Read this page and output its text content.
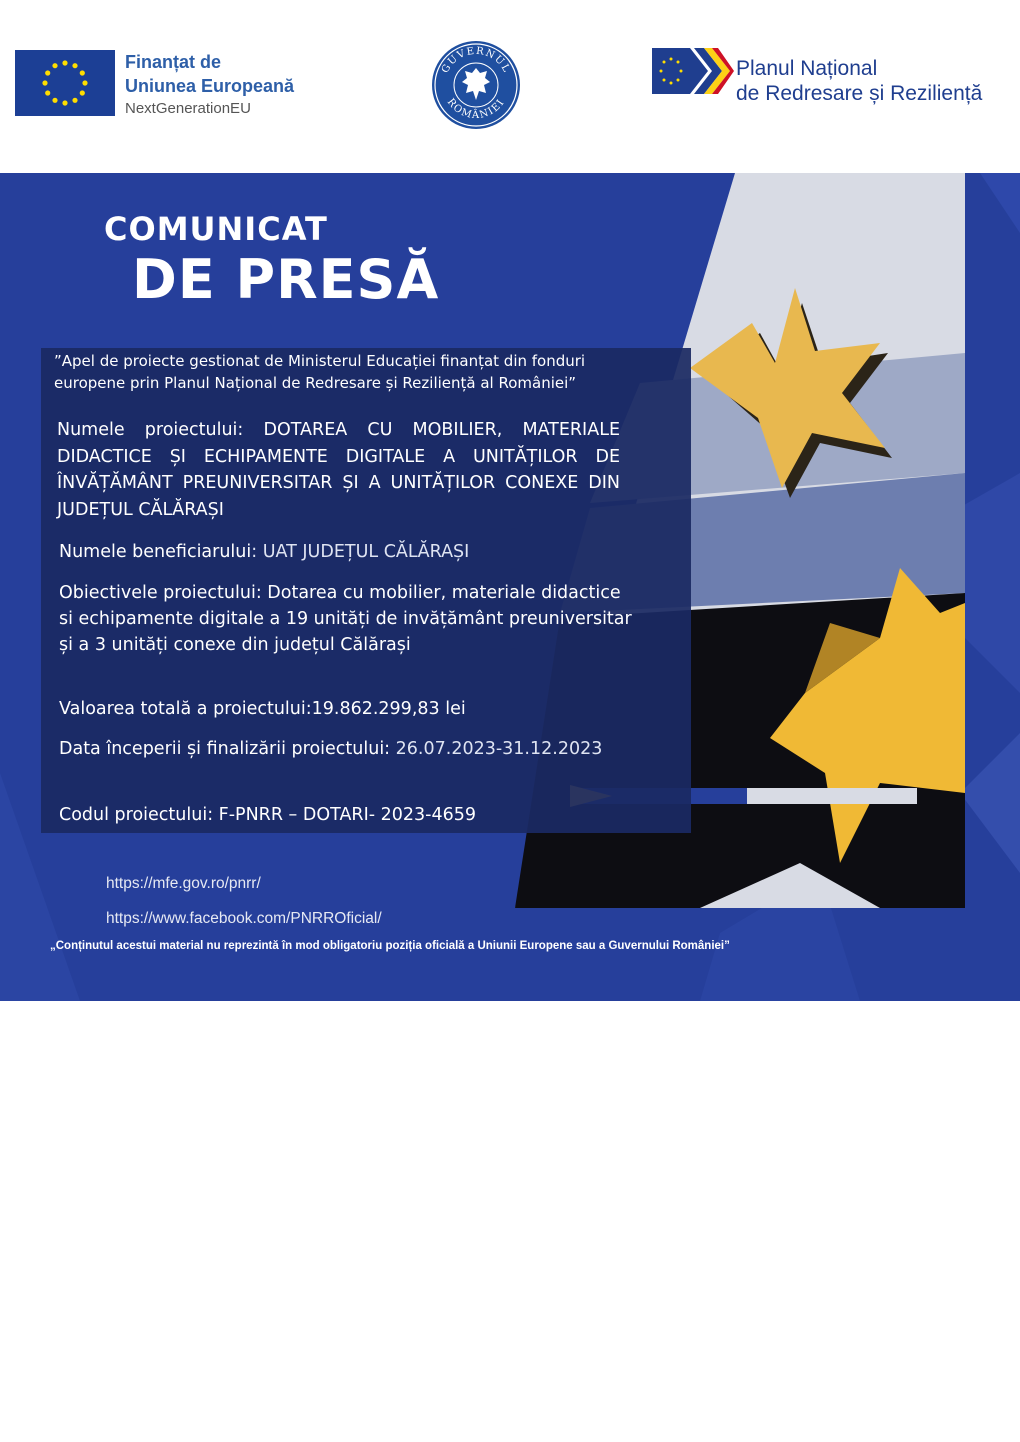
Finanțat de
Uniunea Europeană
NextGenerationEU
GUVERNUL
ROMÂNIEI
Planul Național
de Redresare și Reziliență
COMUNICAT
DE PRESĂ
”Apel de proiecte gestionat de Ministerul Educației finanțat din fonduri europene prin Planul Național de Redresare și Reziliență al României”
Numele proiectului: DOTAREA CU MOBILIER, MATERIALE DIDACTICE ȘI ECHIPAMENTE DIGITALE A UNITĂȚILOR DE ÎNVĂȚĂMÂNT PREUNIVERSITAR ȘI A UNITĂȚILOR CONEXE DIN JUDEȚUL CĂLĂRAȘI
Numele beneficiarului: UAT JUDEȚUL CĂLĂRAȘI
Obiectivele proiectului: Dotarea cu mobilier, materiale didactice si echipamente digitale a 19 unități de invățământ preuniversitar și a 3 unități conexe din județul Călărași
Valoarea totală a proiectului:19.862.299,83 lei
Data începerii și finalizării proiectului: 26.07.2023-31.12.2023
Codul proiectului: F-PNRR – DOTARI- 2023-4659
https://mfe.gov.ro/pnrr/
https://www.facebook.com/PNRROficial/
„Conținutul acestui material nu reprezintă în mod obligatoriu poziția oficială a Uniunii Europene sau a Guvernului României”
